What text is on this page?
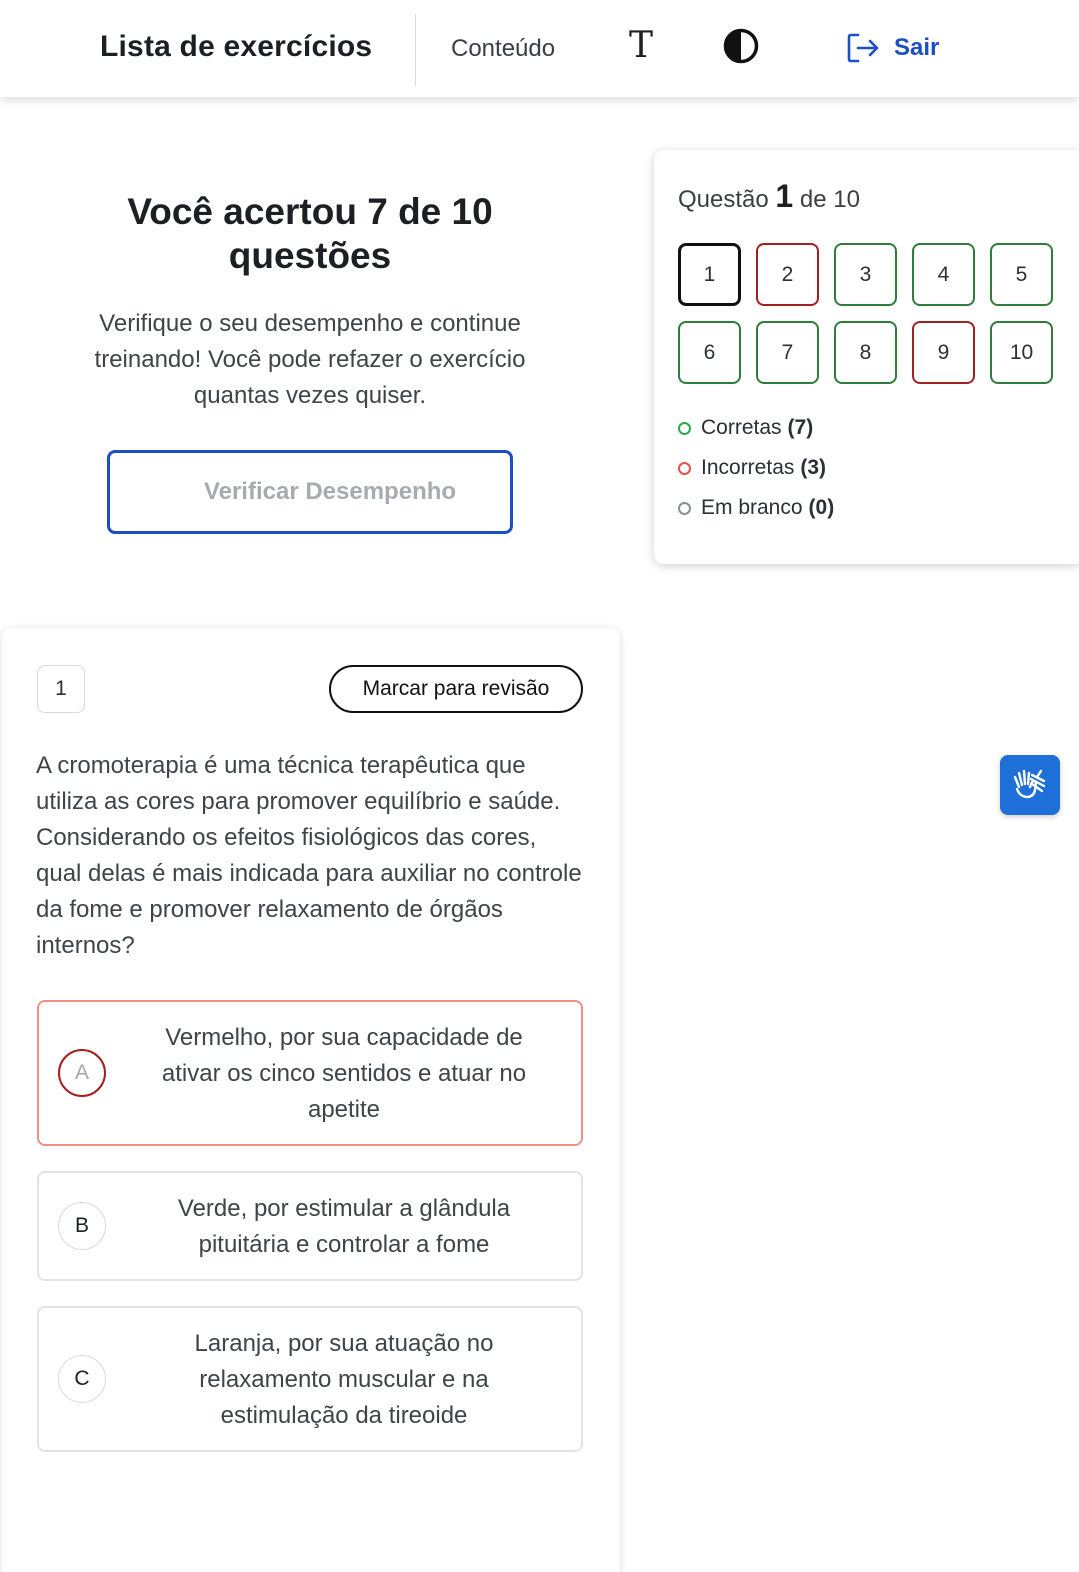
Lista de exercícios	Conteúdo T	Sair
Você acertou 7 de 10 questões
Verifique o seu desempenho e continue treinando! Você pode refazer o exercício quantas vezes quiser.
Verificar Desempenho
Questão 1 de 10
1	2	3	4	5
6	7	8	9	10
Corretas (7)
Incorretas (3)
Em branco (0)
1	Marcar para revisão
A cromoterapia é uma técnica terapêutica que utiliza as cores para promover equilíbrio e saúde. Considerando os efeitos fisiológicos das cores, qual delas é mais indicada para auxiliar no controle da fome e promover relaxamento de órgãos internos?
A
Vermelho, por sua capacidade de ativar os cinco sentidos e atuar no apetite
B
Verde, por estimular a glândula pituitária e controlar a fome
C
Laranja, por sua atuação no relaxamento muscular e na estimulação da tireoide
